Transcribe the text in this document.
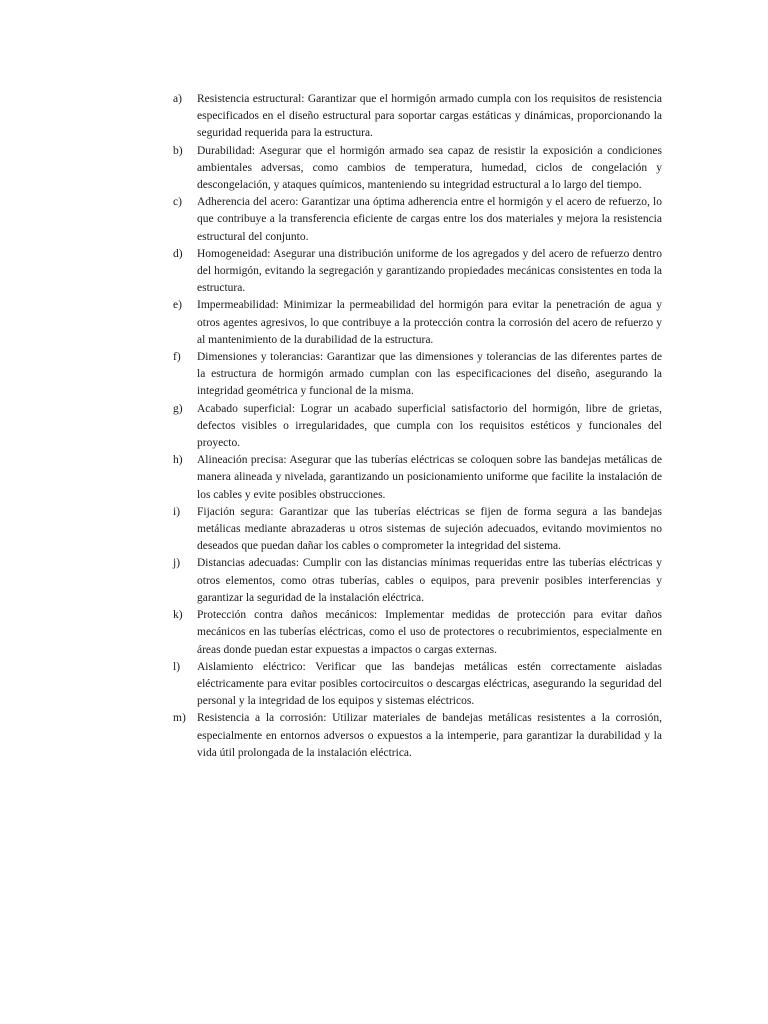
a)	Resistencia estructural: Garantizar que el hormigón armado cumpla con los requisitos de resistencia especificados en el diseño estructural para soportar cargas estáticas y dinámicas, proporcionando la seguridad requerida para la estructura.
b)	Durabilidad: Asegurar que el hormigón armado sea capaz de resistir la exposición a condiciones ambientales adversas, como cambios de temperatura, humedad, ciclos de congelación y descongelación, y ataques químicos, manteniendo su integridad estructural a lo largo del tiempo.
c)	Adherencia del acero: Garantizar una óptima adherencia entre el hormigón y el acero de refuerzo, lo que contribuye a la transferencia eficiente de cargas entre los dos materiales y mejora la resistencia estructural del conjunto.
d)	Homogeneidad: Asegurar una distribución uniforme de los agregados y del acero de refuerzo dentro del hormigón, evitando la segregación y garantizando propiedades mecánicas consistentes en toda la estructura.
e)	Impermeabilidad: Minimizar la permeabilidad del hormigón para evitar la penetración de agua y otros agentes agresivos, lo que contribuye a la protección contra la corrosión del acero de refuerzo y al mantenimiento de la durabilidad de la estructura.
f)	Dimensiones y tolerancias: Garantizar que las dimensiones y tolerancias de las diferentes partes de la estructura de hormigón armado cumplan con las especificaciones del diseño, asegurando la integridad geométrica y funcional de la misma.
g)	Acabado superficial: Lograr un acabado superficial satisfactorio del hormigón, libre de grietas, defectos visibles o irregularidades, que cumpla con los requisitos estéticos y funcionales del proyecto.
h)	Alineación precisa: Asegurar que las tuberías eléctricas se coloquen sobre las bandejas metálicas de manera alineada y nivelada, garantizando un posicionamiento uniforme que facilite la instalación de los cables y evite posibles obstrucciones.
i)	Fijación segura: Garantizar que las tuberías eléctricas se fijen de forma segura a las bandejas metálicas mediante abrazaderas u otros sistemas de sujeción adecuados, evitando movimientos no deseados que puedan dañar los cables o comprometer la integridad del sistema.
j)	Distancias adecuadas: Cumplir con las distancias mínimas requeridas entre las tuberías eléctricas y otros elementos, como otras tuberías, cables o equipos, para prevenir posibles interferencias y garantizar la seguridad de la instalación eléctrica.
k)	Protección contra daños mecánicos: Implementar medidas de protección para evitar daños mecánicos en las tuberías eléctricas, como el uso de protectores o recubrimientos, especialmente en áreas donde puedan estar expuestas a impactos o cargas externas.
l)	Aislamiento eléctrico: Verificar que las bandejas metálicas estén correctamente aisladas eléctricamente para evitar posibles cortocircuitos o descargas eléctricas, asegurando la seguridad del personal y la integridad de los equipos y sistemas eléctricos.
m) Resistencia a la corrosión: Utilizar materiales de bandejas metálicas resistentes a la corrosión, especialmente en entornos adversos o expuestos a la intemperie, para garantizar la durabilidad y la vida útil prolongada de la instalación eléctrica.
